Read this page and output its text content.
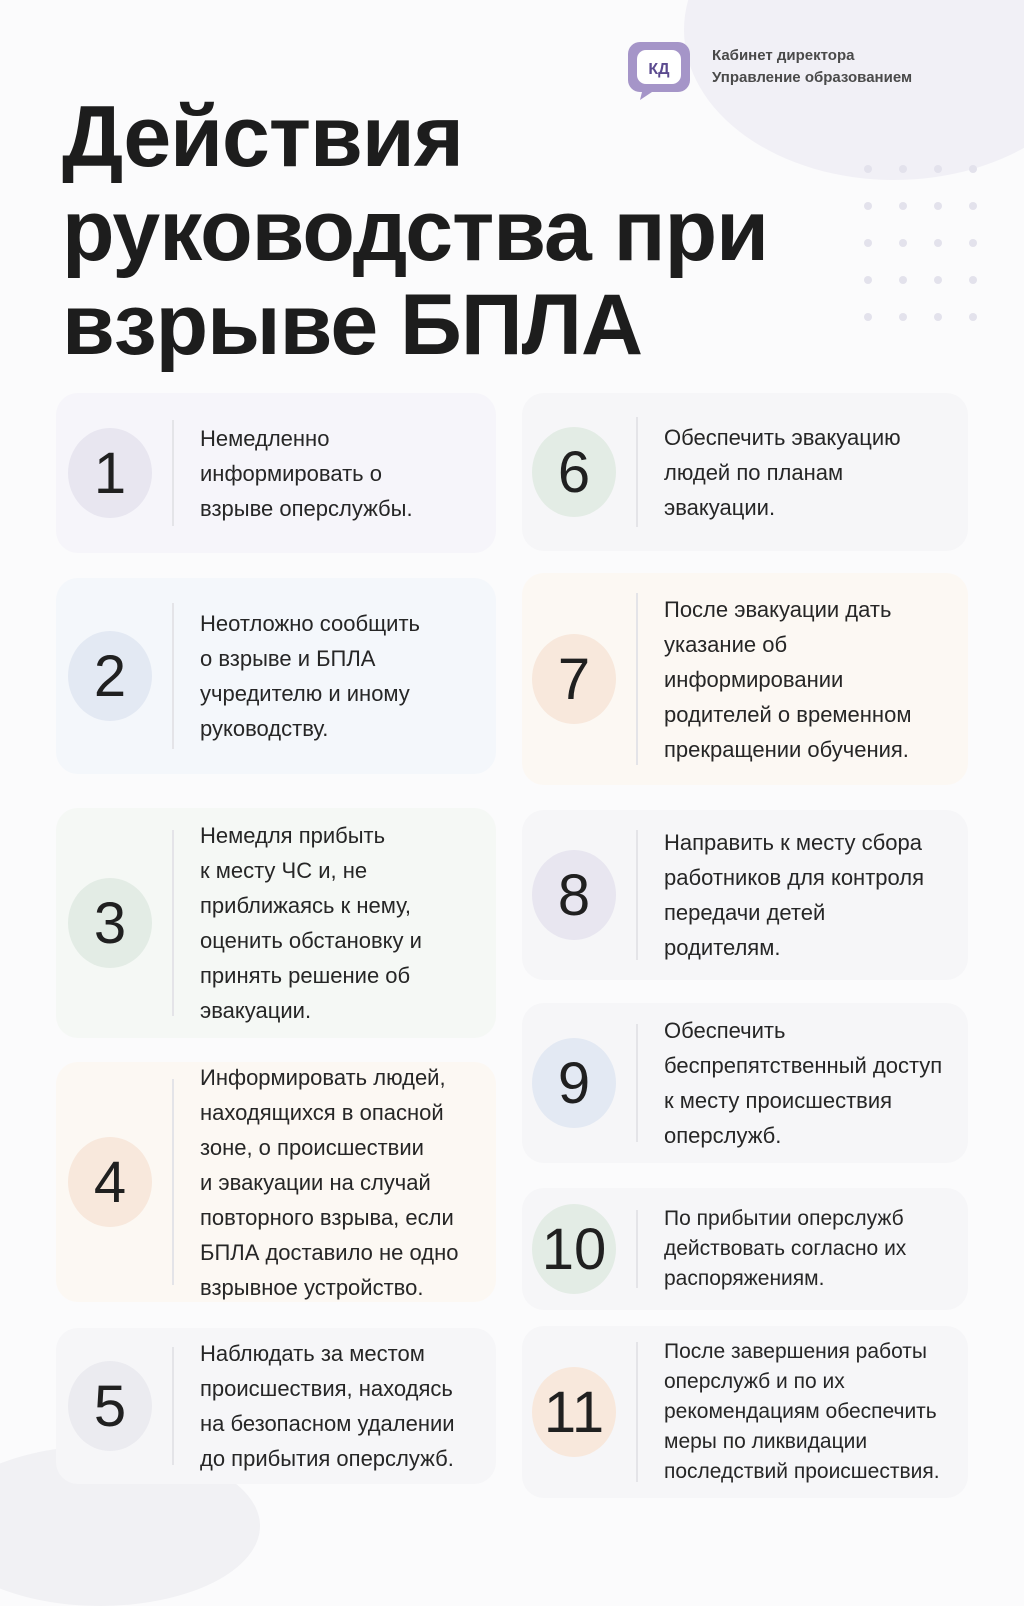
КД
Кабинет директора
Управление образованием
Действия
руководства при
взрыве БПЛА
1

Немедленно
информировать о
взрыве оперслужбы.

2

Неотложно сообщить
о взрыве и БПЛА
учредителю и иному
руководству.

3

Немедля прибыть
к месту ЧС и, не
приближаясь к нему,
оценить обстановку и
принять решение об
эвакуации.

4

Информировать людей,
находящихся в опасной
зоне, о происшествии
и эвакуации на случай
повторного взрыва, если
БПЛА доставило не одно
взрывное устройство.

5

Наблюдать за местом
происшествия, находясь
на безопасном удалении
до прибытия оперслужб.

6

Обеспечить эвакуацию
людей по планам
эвакуации.

7

После эвакуации дать
указание об
информировании
родителей о временном
прекращении обучения.

8

Направить к месту сбора
работников для контроля
передачи детей
родителям.

9

Обеспечить
беспрепятственный доступ
к месту происшествия
оперслужб.

10	По прибытии оперслужб
действовать согласно их
распоряжениям.

11

После завершения работы
оперслужб и по их
рекомендациям обеспечить
меры по ликвидации
последствий происшествия.
